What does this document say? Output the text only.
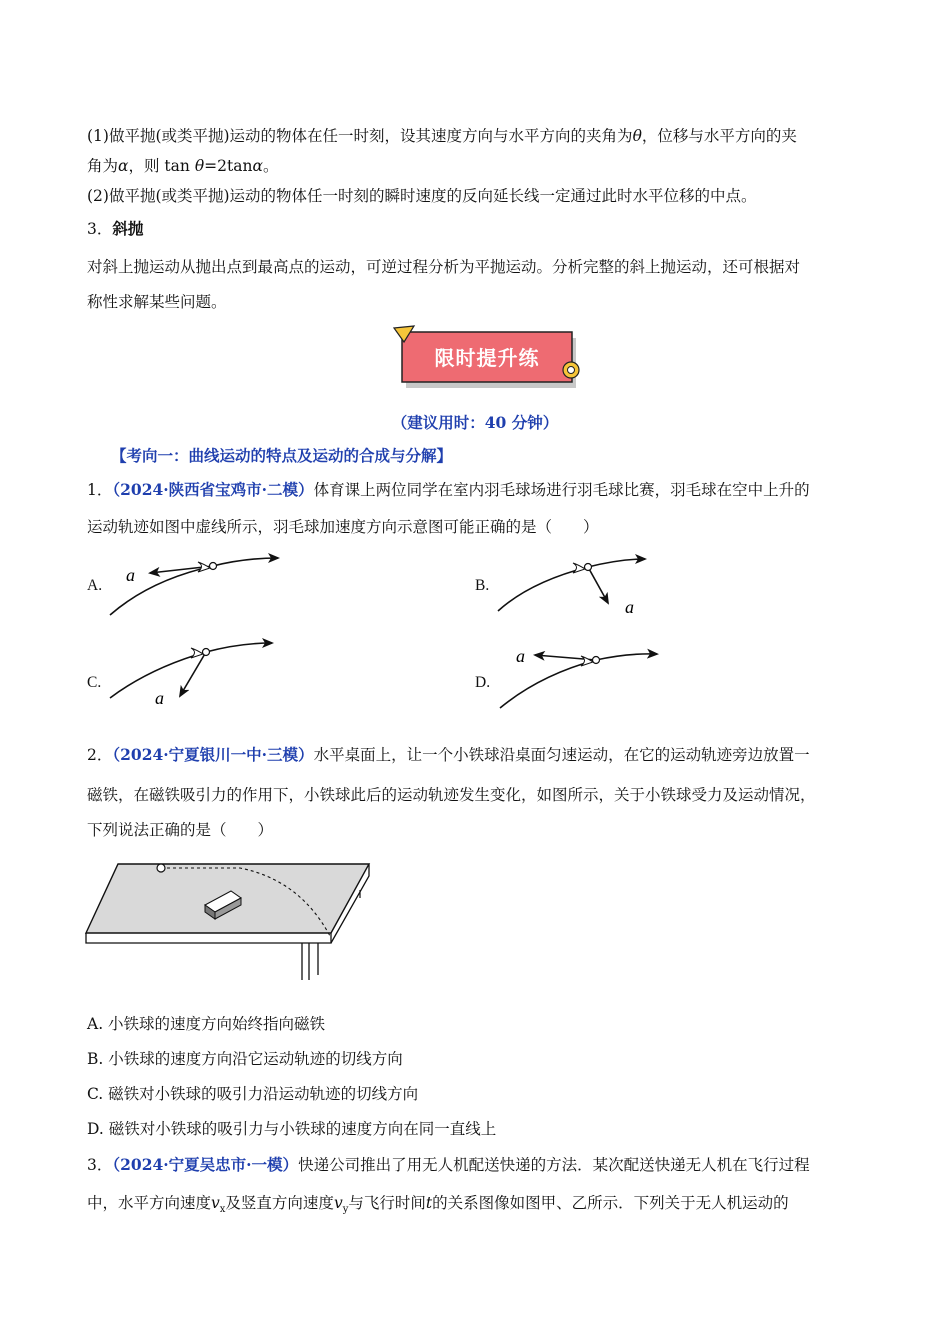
(1)做平抛(或类平抛)运动的物体在任一时刻，设其速度方向与水平方向的夹角为θ，位移与水平方向的夹
角为α，则 tan θ=2tanα。
(2)做平抛(或类平抛)运动的物体任一时刻的瞬时速度的反向延长线一定通过此时水平位移的中点。
3．斜抛
对斜上抛运动从抛出点到最高点的运动，可逆过程分析为平抛运动。分析完整的斜上抛运动，还可根据对
称性求解某些问题。
限时提升练
（建议用时：40 分钟）
【考向一：曲线运动的特点及运动的合成与分解】
1．（2024·陕西省宝鸡市·二模）体育课上两位同学在室内羽毛球场进行羽毛球比赛，羽毛球在空中上升的
运动轨迹如图中虚线所示，羽毛球加速度方向示意图可能正确的是（　　）
A.	B.
C.	D.
a
a
a
a
2．（2024·宁夏银川一中·三模）水平桌面上，让一个小铁球沿桌面匀速运动，在它的运动轨迹旁边放置一
磁铁，在磁铁吸引力的作用下，小铁球此后的运动轨迹发生变化，如图所示，关于小铁球受力及运动情况，
下列说法正确的是（　　）
A. 小铁球的速度方向始终指向磁铁
B. 小铁球的速度方向沿它运动轨迹的切线方向
C. 磁铁对小铁球的吸引力沿运动轨迹的切线方向
D. 磁铁对小铁球的吸引力与小铁球的速度方向在同一直线上
3．（2024·宁夏吴忠市·一模）快递公司推出了用无人机配送快递的方法．某次配送快递无人机在飞行过程
中，水平方向速度$v_x$及竖直方向速度$v_y$与飞行时间t的关系图像如图甲、乙所示．下列关于无人机运动的
